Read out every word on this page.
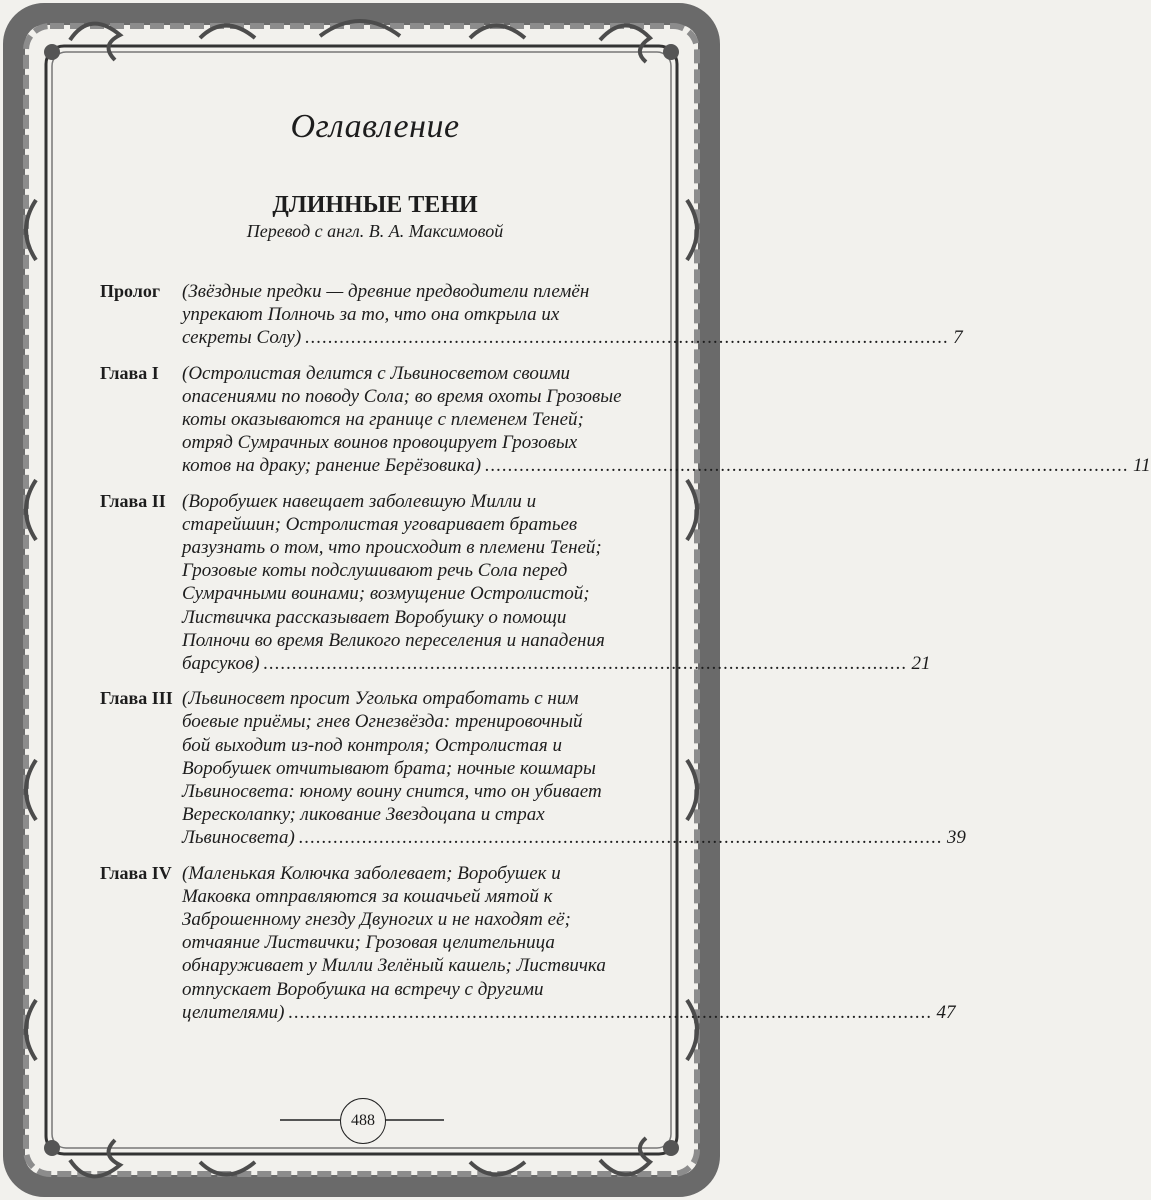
Оглавление
ДЛИННЫЕ ТЕНИ
Перевод с англ. В. А. Максимовой
Пролог	(Звёздные предки — древние предводители племён
упрекают Полночь за то, что она открыла их
секреты Солу) .....	7
Глава I	(Остролистая делится с Львиносветом своими
опасениями по поводу Сола; во время охоты Грозовые
коты оказываются на границе с племенем Теней;
отряд Сумрачных воинов провоцирует Грозовых
котов на драку; ранение Берёзовика) .....	11
Глава II (Воробушек навещает заболевшую Милли и
старейшин; Остролистая уговаривает братьев
разузнать о том, что происходит в племени Теней;
Грозовые коты подслушивают речь Сола перед
Сумрачными воинами; возмущение Остролистой;
Листвичка рассказывает Воробушку о помощи
Полночи во время Великого переселения и нападения
барсуков) .....	21
Глава III (Львиносвет просит Уголька отработать с ним
боевые приёмы; гнев Огнезвёзда: тренировочный
бой выходит из-под контроля; Остролистая и
Воробушек отчитывают брата; ночные кошмары
Львиносвета: юному воину снится, что он убивает
Вересколапку; ликование Звездоцапа и страх
Львиносвета) .....	39
Глава IV (Маленькая Колючка заболевает; Воробушек и
Маковка отправляются за кошачьей мятой к
Заброшенному гнезду Двуногих и не находят её;
отчаяние Листвички; Грозовая целительница
обнаруживает у Милли Зелёный кашель; Листвичка
отпускает Воробушка на встречу с другими
целителями) .....	47
488
